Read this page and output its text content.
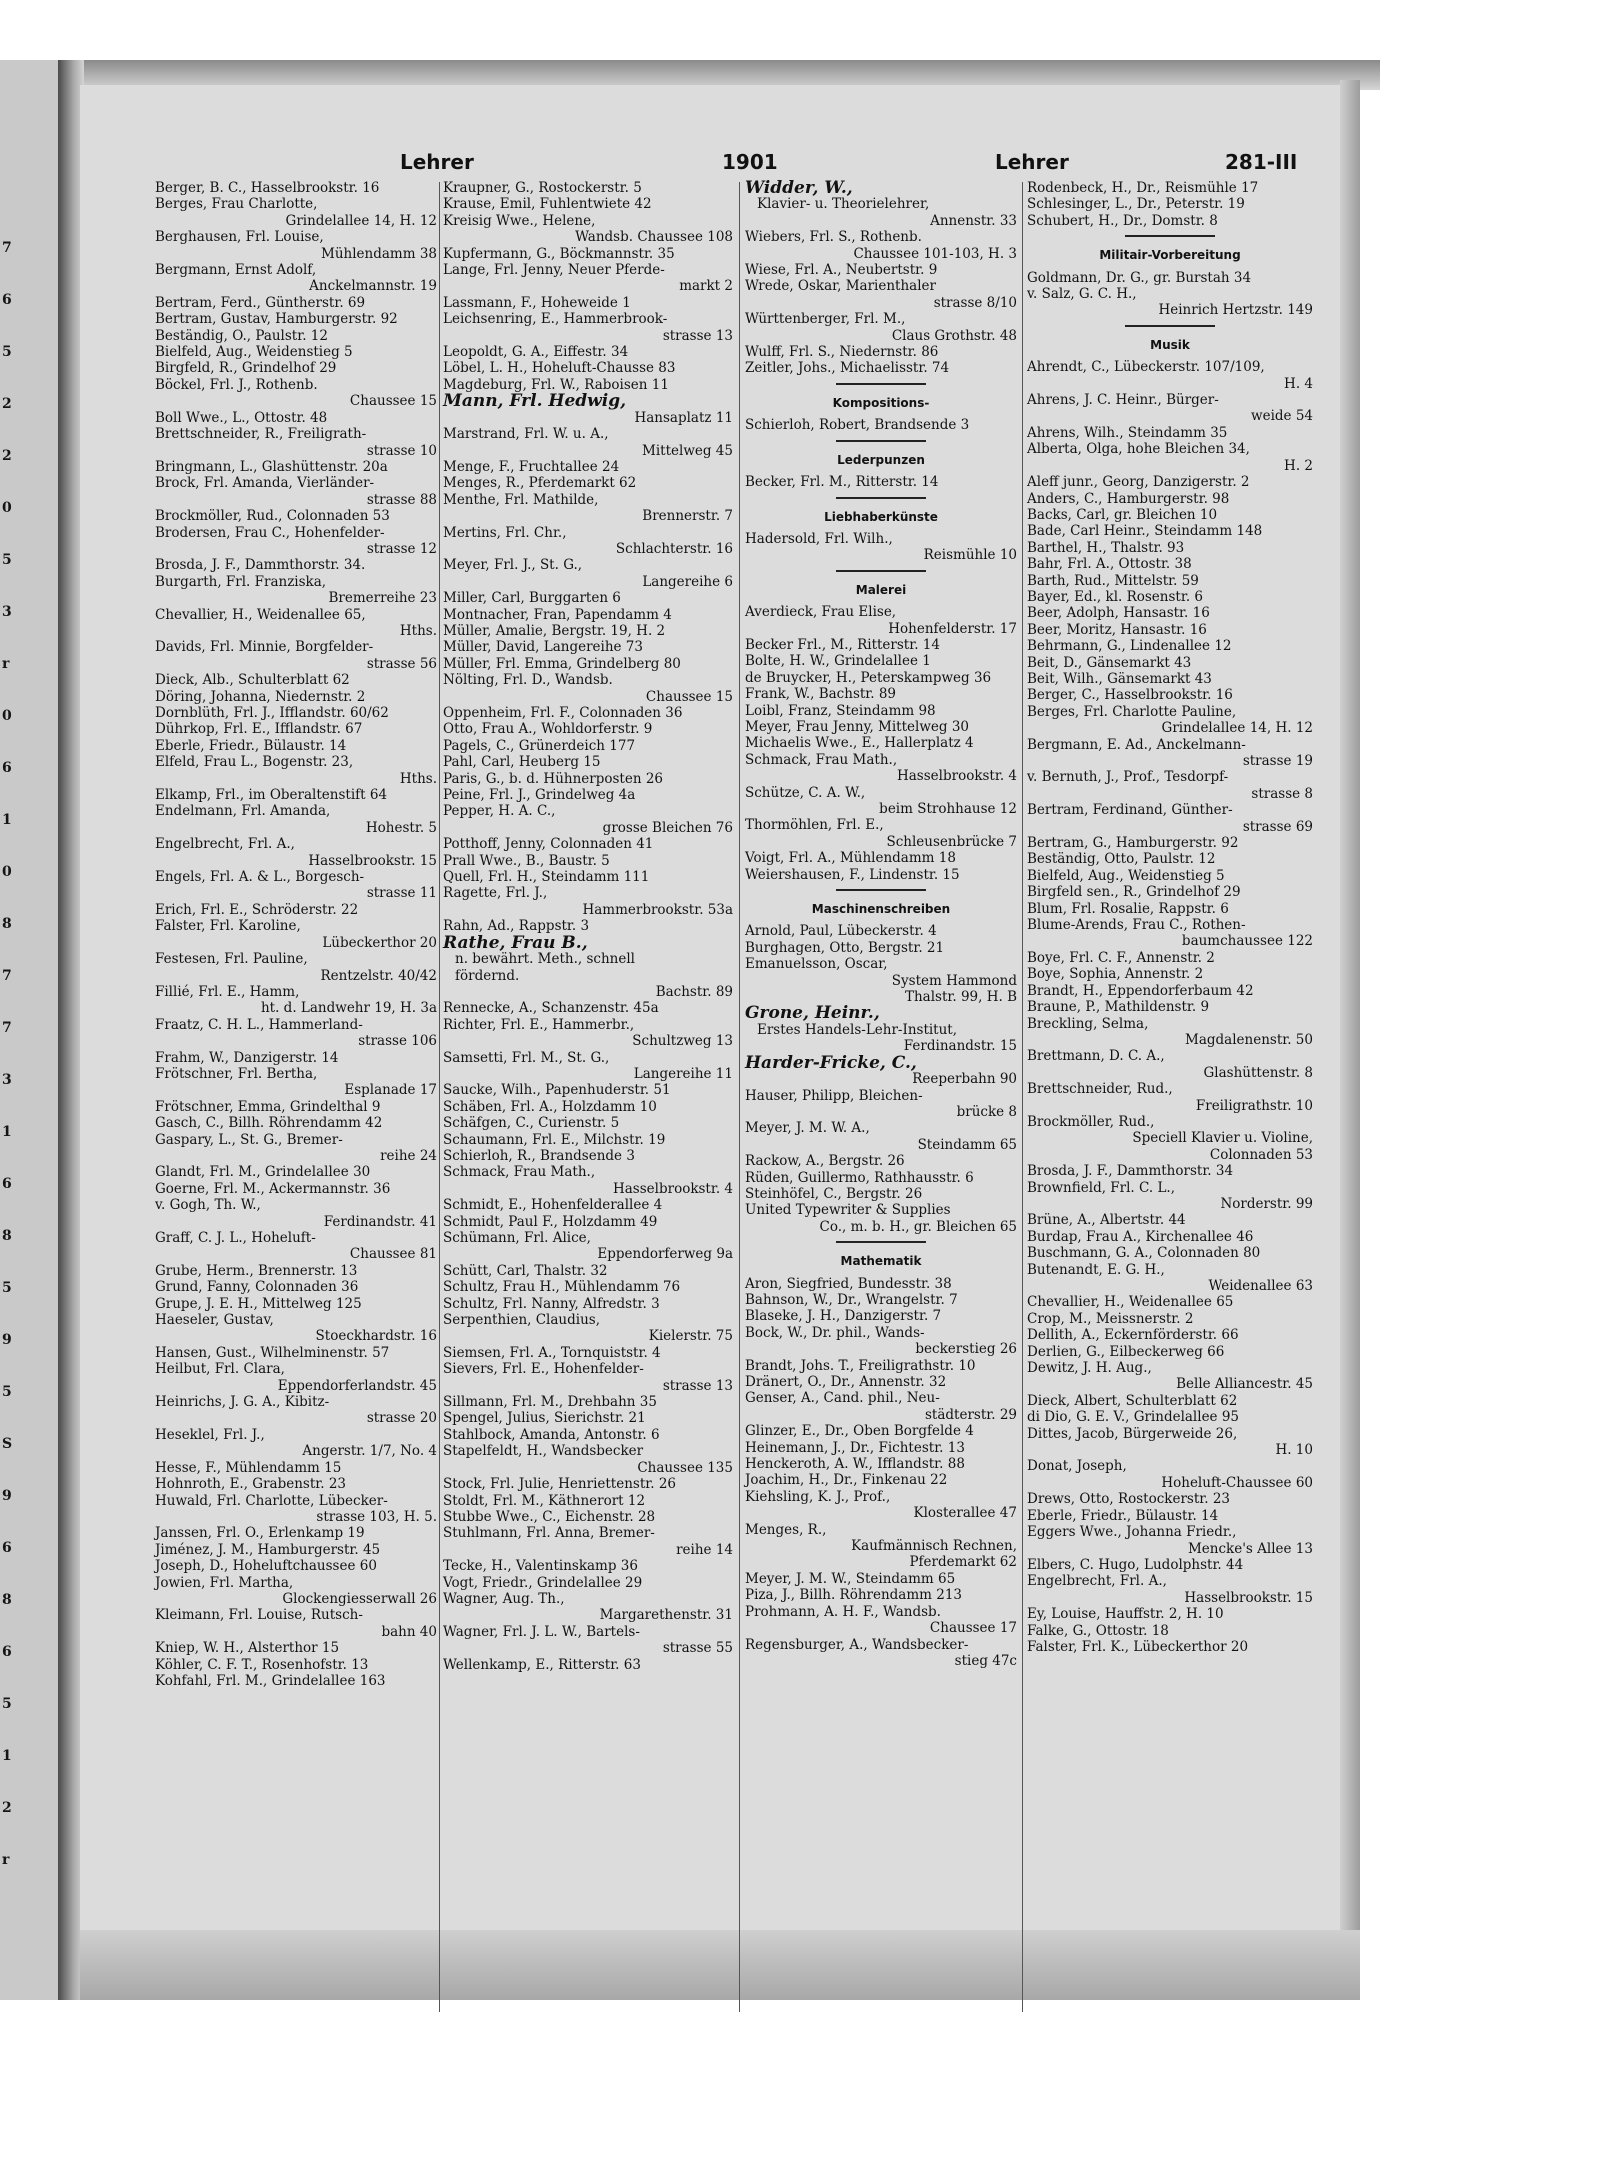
7
6
5
2
2
0
5
3
r
0
6
1
0
8
7
7
3
1
6
8
5
9
5
S
9
6
8
6
5
1
2
r
Lehrer	1901	Lehrer	281-III
Berger, B. C., Hasselbrookstr. 16
Berges, Frau Charlotte,
Grindelallee 14, H. 12
Berghausen, Frl. Louise,
Mühlendamm 38
Bergmann, Ernst Adolf,
Anckelmannstr. 19
Bertram, Ferd., Güntherstr. 69
Bertram, Gustav, Hamburgerstr. 92
Beständig, O., Paulstr. 12
Bielfeld, Aug., Weidenstieg 5
Birgfeld, R., Grindelhof 29
Böckel, Frl. J., Rothenb.
Chaussee 15
Boll Wwe., L., Ottostr. 48
Brettschneider, R., Freiligrath-
strasse 10
Bringmann, L., Glashüttenstr. 20a
Brock, Frl. Amanda, Vierländer-
strasse 88
Brockmöller, Rud., Colonnaden 53
Brodersen, Frau C., Hohenfelder-
strasse 12
Brosda, J. F., Dammthorstr. 34.
Burgarth, Frl. Franziska,
Bremerreihe 23
Chevallier, H., Weidenallee 65,
Hths.
Davids, Frl. Minnie, Borgfelder-
strasse 56
Dieck, Alb., Schulterblatt 62
Döring, Johanna, Niedernstr. 2
Dornblüth, Frl. J., Ifflandstr. 60/62
Dührkop, Frl. E., Ifflandstr. 67
Eberle, Friedr., Bülaustr. 14
Elfeld, Frau L., Bogenstr. 23,
Hths.
Elkamp, Frl., im Oberaltenstift 64
Endelmann, Frl. Amanda,
Hohestr. 5
Engelbrecht, Frl. A.,
Hasselbrookstr. 15
Engels, Frl. A. & L., Borgesch-
strasse 11
Erich, Frl. E., Schröderstr. 22
Falster, Frl. Karoline,
Lübeckerthor 20
Festesen, Frl. Pauline,
Rentzelstr. 40/42
Fillié, Frl. E., Hamm,
ht. d. Landwehr 19, H. 3a
Fraatz, C. H. L., Hammerland-
strasse 106
Frahm, W., Danzigerstr. 14
Frötschner, Frl. Bertha,
Esplanade 17
Frötschner, Emma, Grindelthal 9
Gasch, C., Billh. Röhrendamm 42
Gaspary, L., St. G., Bremer-
reihe 24
Glandt, Frl. M., Grindelallee 30
Goerne, Frl. M., Ackermannstr. 36
v. Gogh, Th. W.,
Ferdinandstr. 41
Graff, C. J. L., Hoheluft-
Chaussee 81
Grube, Herm., Brennerstr. 13
Grund, Fanny, Colonnaden 36
Grupe, J. E. H., Mittelweg 125
Haeseler, Gustav,
Stoeckhardstr. 16
Hansen, Gust., Wilhelminenstr. 57
Heilbut, Frl. Clara,
Eppendorferlandstr. 45
Heinrichs, J. G. A., Kibitz-
strasse 20
Heseklel, Frl. J.,
Angerstr. 1/7, No. 4
Hesse, F., Mühlendamm 15
Hohnroth, E., Grabenstr. 23
Huwald, Frl. Charlotte, Lübecker-
strasse 103, H. 5.
Janssen, Frl. O., Erlenkamp 19
Jiménez, J. M., Hamburgerstr. 45
Joseph, D., Hoheluftchaussee 60
Jowien, Frl. Martha,
Glockengiesserwall 26
Kleimann, Frl. Louise, Rutsch-
bahn 40
Kniep, W. H., Alsterthor 15
Köhler, C. F. T., Rosenhofstr. 13
Kohfahl, Frl. M., Grindelallee 163
Kraupner, G., Rostockerstr. 5
Krause, Emil, Fuhlentwiete 42
Kreisig Wwe., Helene,
Wandsb. Chaussee 108
Kupfermann, G., Böckmannstr. 35
Lange, Frl. Jenny, Neuer Pferde-
markt 2
Lassmann, F., Hoheweide 1
Leichsenring, E., Hammerbrook-
strasse 13
Leopoldt, G. A., Eiffestr. 34
Löbel, L. H., Hoheluft-Chausse 83
Magdeburg, Frl. W., Raboisen 11
Mann, Frl. Hedwig,
Hansaplatz 11
Marstrand, Frl. W. u. A.,
Mittelweg 45
Menge, F., Fruchtallee 24
Menges, R., Pferdemarkt 62
Menthe, Frl. Mathilde,
Brennerstr. 7
Mertins, Frl. Chr.,
Schlachterstr. 16
Meyer, Frl. J., St. G.,
Langereihe 6
Miller, Carl, Burggarten 6
Montnacher, Fran, Papendamm 4
Müller, Amalie, Bergstr. 19, H. 2
Müller, David, Langereihe 73
Müller, Frl. Emma, Grindelberg 80
Nölting, Frl. D., Wandsb.
Chaussee 15
Oppenheim, Frl. F., Colonnaden 36
Otto, Frau A., Wohldorferstr. 9
Pagels, C., Grünerdeich 177
Pahl, Carl, Heuberg 15
Paris, G., b. d. Hühnerposten 26
Peine, Frl. J., Grindelweg 4a
Pepper, H. A. C.,
grosse Bleichen 76
Potthoff, Jenny, Colonnaden 41
Prall Wwe., B., Baustr. 5
Quell, Frl. H., Steindamm 111
Ragette, Frl. J.,
Hammerbrookstr. 53a
Rahn, Ad., Rappstr. 3
Rathe, Frau B.,
n. bewährt. Meth., schnell
fördernd.
Bachstr. 89
Rennecke, A., Schanzenstr. 45a
Richter, Frl. E., Hammerbr.,
Schultzweg 13
Samsetti, Frl. M., St. G.,
Langereihe 11
Saucke, Wilh., Papenhuderstr. 51
Schäben, Frl. A., Holzdamm 10
Schäfgen, C., Curienstr. 5
Schaumann, Frl. E., Milchstr. 19
Schierloh, R., Brandsende 3
Schmack, Frau Math.,
Hasselbrookstr. 4
Schmidt, E., Hohenfelderallee 4
Schmidt, Paul F., Holzdamm 49
Schümann, Frl. Alice,
Eppendorferweg 9a
Schütt, Carl, Thalstr. 32
Schultz, Frau H., Mühlendamm 76
Schultz, Frl. Nanny, Alfredstr. 3
Serpenthien, Claudius,
Kielerstr. 75
Siemsen, Frl. A., Tornquiststr. 4
Sievers, Frl. E., Hohenfelder-
strasse 13
Sillmann, Frl. M., Drehbahn 35
Spengel, Julius, Sierichstr. 21
Stahlbock, Amanda, Antonstr. 6
Stapelfeldt, H., Wandsbecker
Chaussee 135
Stock, Frl. Julie, Henriettenstr. 26
Stoldt, Frl. M., Käthnerort 12
Stubbe Wwe., C., Eichenstr. 28
Stuhlmann, Frl. Anna, Bremer-
reihe 14
Tecke, H., Valentinskamp 36
Vogt, Friedr., Grindelallee 29
Wagner, Aug. Th.,
Margarethenstr. 31
Wagner, Frl. J. L. W., Bartels-
strasse 55
Wellenkamp, E., Ritterstr. 63
Widder, W.,
Klavier- u. Theorielehrer,
Annenstr. 33
Wiebers, Frl. S., Rothenb.
Chaussee 101-103, H. 3
Wiese, Frl. A., Neubertstr. 9
Wrede, Oskar, Marienthaler
strasse 8/10
Württenberger, Frl. M.,
Claus Grothstr. 48
Wulff, Frl. S., Niedernstr. 86
Zeitler, Johs., Michaelisstr. 74
Kompositions-
Schierloh, Robert, Brandsende 3
Lederpunzen
Becker, Frl. M., Ritterstr. 14
Liebhaberkünste
Hadersold, Frl. Wilh.,
Reismühle 10
Malerei
Averdieck, Frau Elise,
Hohenfelderstr. 17
Becker Frl., M., Ritterstr. 14
Bolte, H. W., Grindelallee 1
de Bruycker, H., Peterskampweg 36
Frank, W., Bachstr. 89
Loibl, Franz, Steindamm 98
Meyer, Frau Jenny, Mittelweg 30
Michaelis Wwe., E., Hallerplatz 4
Schmack, Frau Math.,
Hasselbrookstr. 4
Schütze, C. A. W.,
beim Strohhause 12
Thormöhlen, Frl. E.,
Schleusenbrücke 7
Voigt, Frl. A., Mühlendamm 18
Weiershausen, F., Lindenstr. 15
Maschinenschreiben
Arnold, Paul, Lübeckerstr. 4
Burghagen, Otto, Bergstr. 21
Emanuelsson, Oscar,
System Hammond
Thalstr. 99, H. B
Grone, Heinr.,
Erstes Handels-Lehr-Institut,
Ferdinandstr. 15
Harder-Fricke, C.,
Reeperbahn 90
Hauser, Philipp, Bleichen-
brücke 8
Meyer, J. M. W. A.,
Steindamm 65
Rackow, A., Bergstr. 26
Rüden, Guillermo, Rathhausstr. 6
Steinhöfel, C., Bergstr. 26
United Typewriter & Supplies
Co., m. b. H., gr. Bleichen 65
Mathematik
Aron, Siegfried, Bundesstr. 38
Bahnson, W., Dr., Wrangelstr. 7
Blaseke, J. H., Danzigerstr. 7
Bock, W., Dr. phil., Wands-
beckerstieg 26
Brandt, Johs. T., Freiligrathstr. 10
Dränert, O., Dr., Annenstr. 32
Genser, A., Cand. phil., Neu-
städterstr. 29
Glinzer, E., Dr., Oben Borgfelde 4
Heinemann, J., Dr., Fichtestr. 13
Henckeroth, A. W., Ifflandstr. 88
Joachim, H., Dr., Finkenau 22
Kiehsling, K. J., Prof.,
Klosterallee 47
Menges, R.,
Kaufmännisch Rechnen,
Pferdemarkt 62
Meyer, J. M. W., Steindamm 65
Piza, J., Billh. Röhrendamm 213
Prohmann, A. H. F., Wandsb.
Chaussee 17
Regensburger, A., Wandsbecker-
stieg 47c
Rodenbeck, H., Dr., Reismühle 17
Schlesinger, L., Dr., Peterstr. 19
Schubert, H., Dr., Domstr. 8
Militair-Vorbereitung
Goldmann, Dr. G., gr. Burstah 34
v. Salz, G. C. H.,
Heinrich Hertzstr. 149
Musik
Ahrendt, C., Lübeckerstr. 107/109,
H. 4
Ahrens, J. C. Heinr., Bürger-
weide 54
Ahrens, Wilh., Steindamm 35
Alberta, Olga, hohe Bleichen 34,
H. 2
Aleff junr., Georg, Danzigerstr. 2
Anders, C., Hamburgerstr. 98
Backs, Carl, gr. Bleichen 10
Bade, Carl Heinr., Steindamm 148
Barthel, H., Thalstr. 93
Bahr, Frl. A., Ottostr. 38
Barth, Rud., Mittelstr. 59
Bayer, Ed., kl. Rosenstr. 6
Beer, Adolph, Hansastr. 16
Beer, Moritz, Hansastr. 16
Behrmann, G., Lindenallee 12
Beit, D., Gänsemarkt 43
Beit, Wilh., Gänsemarkt 43
Berger, C., Hasselbrookstr. 16
Berges, Frl. Charlotte Pauline,
Grindelallee 14, H. 12
Bergmann, E. Ad., Anckelmann-
strasse 19
v. Bernuth, J., Prof., Tesdorpf-
strasse 8
Bertram, Ferdinand, Günther-
strasse 69
Bertram, G., Hamburgerstr. 92
Beständig, Otto, Paulstr. 12
Bielfeld, Aug., Weidenstieg 5
Birgfeld sen., R., Grindelhof 29
Blum, Frl. Rosalie, Rappstr. 6
Blume-Arends, Frau C., Rothen-
baumchaussee 122
Boye, Frl. C. F., Annenstr. 2
Boye, Sophia, Annenstr. 2
Brandt, H., Eppendorferbaum 42
Braune, P., Mathildenstr. 9
Breckling, Selma,
Magdalenenstr. 50
Brettmann, D. C. A.,
Glashüttenstr. 8
Brettschneider, Rud.,
Freiligrathstr. 10
Brockmöller, Rud.,
Speciell Klavier u. Violine,
Colonnaden 53
Brosda, J. F., Dammthorstr. 34
Brownfield, Frl. C. L.,
Norderstr. 99
Brüne, A., Albertstr. 44
Burdap, Frau A., Kirchenallee 46
Buschmann, G. A., Colonnaden 80
Butenandt, E. G. H.,
Weidenallee 63
Chevallier, H., Weidenallee 65
Crop, M., Meissnerstr. 2
Dellith, A., Eckernförderstr. 66
Derlien, G., Eilbeckerweg 66
Dewitz, J. H. Aug.,
Belle Alliancestr. 45
Dieck, Albert, Schulterblatt 62
di Dio, G. E. V., Grindelallee 95
Dittes, Jacob, Bürgerweide 26,
H. 10
Donat, Joseph,
Hoheluft-Chaussee 60
Drews, Otto, Rostockerstr. 23
Eberle, Friedr., Bülaustr. 14
Eggers Wwe., Johanna Friedr.,
Mencke's Allee 13
Elbers, C. Hugo, Ludolphstr. 44
Engelbrecht, Frl. A.,
Hasselbrookstr. 15
Ey, Louise, Hauffstr. 2, H. 10
Falke, G., Ottostr. 18
Falster, Frl. K., Lübeckerthor 20
